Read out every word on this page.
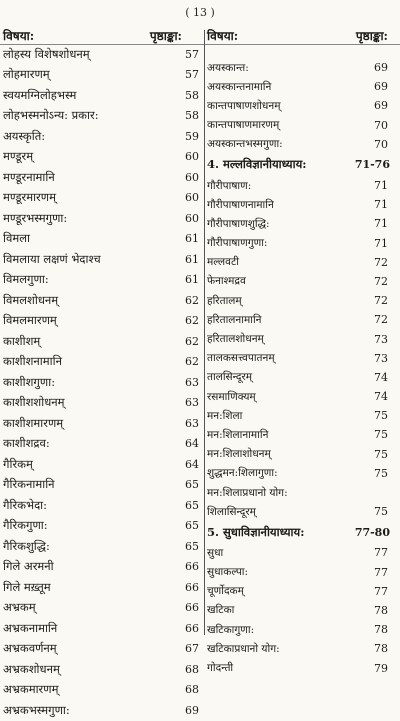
( 13 )
विषया:	पृष्ठाङ्का:
लोहस्य विशेषशोधनम्	57
लोहमारणम्	57
स्वयमग्निलोहभस्म	58
लोहभस्मनोऽन्य: प्रकार:	58
अयस्कृति:	59
मण्डूरम्	60
मण्डूरनामानि	60
मण्डूरमारणम्	60
मण्डूरभस्मगुणा:	60
विमला	61
विमलाया लक्षणं भेदाश्च	61
विमलगुणा:	61
विमलशोधनम्	62
विमलमारणम्	62
काशीशम्	62
काशीशनामानि	62
काशीशगुणा:	63
काशीशशोधनम्	63
काशीशमारणम्	63
काशीशद्रव:	64
गैरिकम्	64
गैरिकनामानि	65
गैरिकभेदा:	65
गैरिकगुणा:	65
गैरिकशुद्धि:	65
गिले अरमनी	66
गिले मख़्तूम	66
अभ्रकम्	66
अभ्रकनामानि	66
अभ्रकवर्णनम्	67
अभ्रकशोधनम्	68
अभ्रकमारणम्	68
अभ्रकभस्मगुणा:	69
विषया:	पृष्ठाङ्का:
अयस्कान्त:	69
अयस्कान्तनामानि	69
कान्तपाषाणशोधनम्	69
कान्तपाषाणमारणम्	70
अयस्कान्तभस्मगुणा:	70
4. मल्लविज्ञानीयाध्याय:	71-76
गौरीपाषाण:	71
गौरीपाषाणनामानि	71
गौरीपाषाणशुद्धि:	71
गौरीपाषाणगुणा:	71
मल्लवटी	72
फेनाश्मद्रव	72
हरितालम्	72
हरितालनामानि	72
हरितालशोधनम्	73
तालकसत्त्वपातनम्	73
तालसिन्दूरम्	74
रसमाणिक्यम्	74
मन:शिला	75
मन:शिलानामानि	75
मन:शिलाशोधनम्	75
शुद्धमन:शिलागुणा:	75
मन:शिलाप्रधानो योग:
शिलासिन्दूरम्	75
5. सुधाविज्ञानीयाध्याय:	77-80
सुधा	77
सुधाकल्पा:	77
चूर्णोदकम्	77
खटिका	78
खटिकागुणा:	78
खटिकाप्रधानो योग:	78
गोदन्ती	79
